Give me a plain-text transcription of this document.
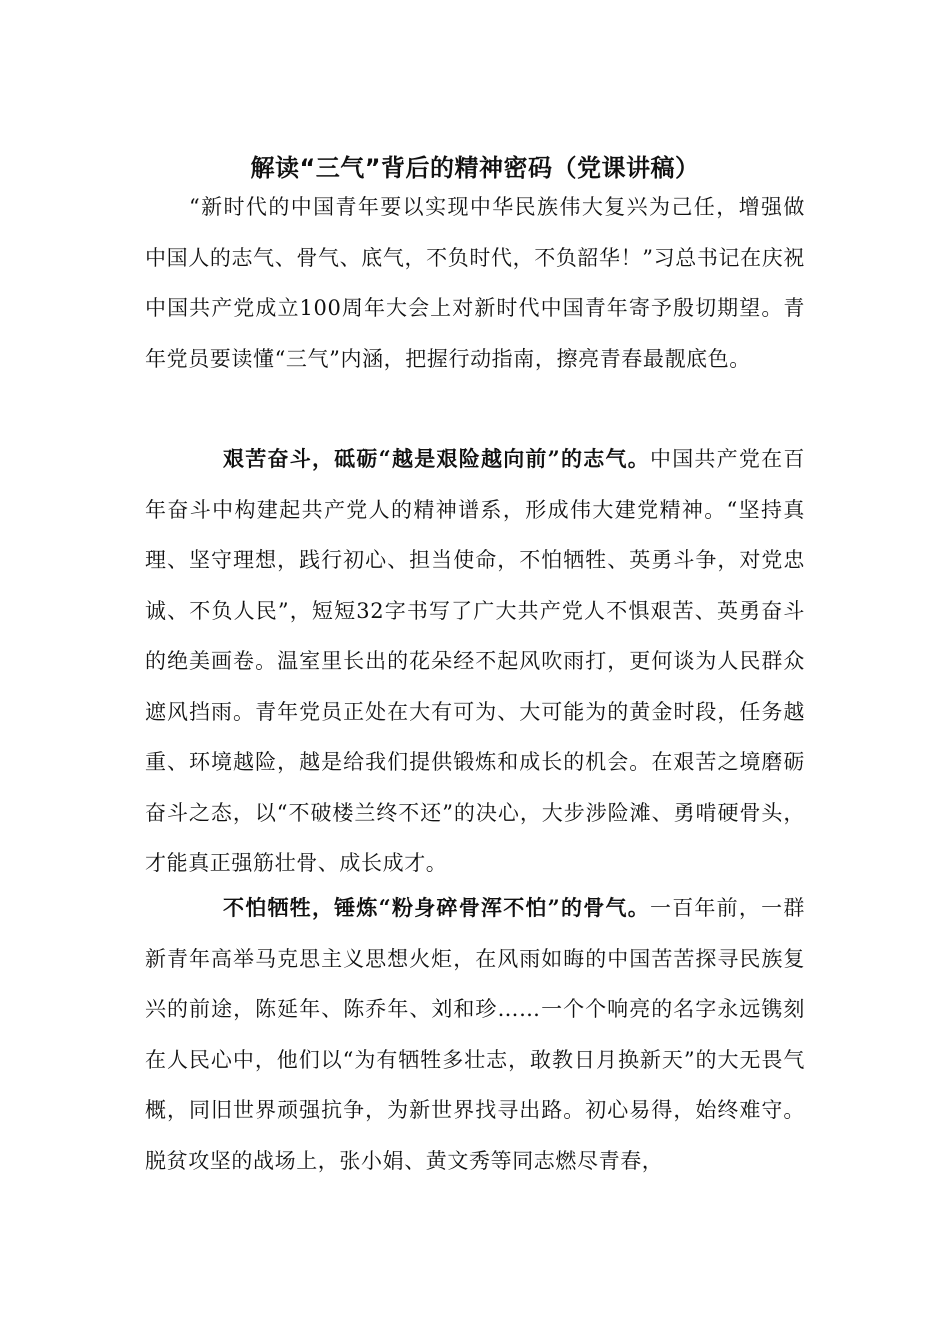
解读“三气”背后的精神密码（党课讲稿）

“新时代的中国青年要以实现中华民族伟大复兴为己任，增强做中国人的志气、骨气、底气，不负时代，不负韶华！”习总书记在庆祝中国共产党成立100周年大会上对新时代中国青年寄予殷切期望。青年党员要读懂“三气”内涵，把握行动指南，擦亮青春最靓底色。

艰苦奋斗，砥砺“越是艰险越向前”的志气。中国共产党在百年奋斗中构建起共产党人的精神谱系，形成伟大建党精神。“坚持真理、坚守理想，践行初心、担当使命，不怕牺牲、英勇斗争，对党忠诚、不负人民”，短短32字书写了广大共产党人不惧艰苦、英勇奋斗的绝美画卷。温室里长出的花朵经不起风吹雨打，更何谈为人民群众遮风挡雨。青年党员正处在大有可为、大可能为的黄金时段，任务越重、环境越险，越是给我们提供锻炼和成长的机会。在艰苦之境磨砺奋斗之态，以“不破楼兰终不还”的决心，大步涉险滩、勇啃硬骨头，才能真正强筋壮骨、成长成才。

不怕牺牲，锤炼“粉身碎骨浑不怕”的骨气。一百年前，一群新青年高举马克思主义思想火炬，在风雨如晦的中国苦苦探寻民族复兴的前途，陈延年、陈乔年、刘和珍……一个个响亮的名字永远镌刻在人民心中，他们以“为有牺牲多壮志，敢教日月换新天”的大无畏气概，同旧世界顽强抗争，为新世界找寻出路。初心易得，始终难守。脱贫攻坚的战场上，张小娟、黄文秀等同志燃尽青春，
